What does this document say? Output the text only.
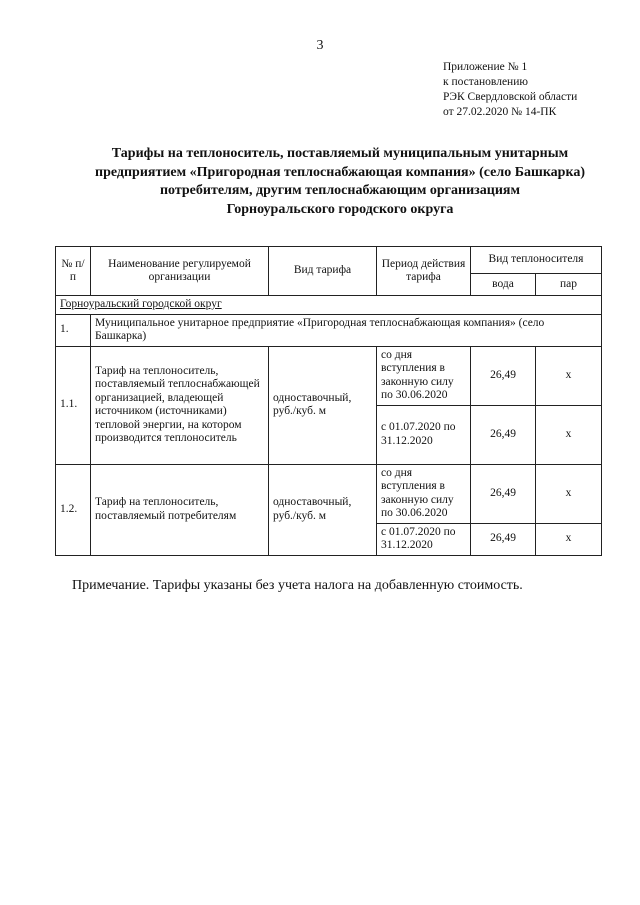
3
Приложение № 1
к постановлению
РЭК Свердловской области
от 27.02.2020 № 14-ПК
Тарифы на теплоноситель, поставляемый муниципальным унитарным
предприятием «Пригородная теплоснабжающая компания» (село Башкарка)
потребителям, другим теплоснабжающим организациям
Горноуральского городского округа
№ п/п	Наименование регулируемой организации	Вид тарифа	Период действия тарифа	Вид теплоносителя	
				вода	пар
Горноуральский городской округ					
1.	Муниципальное унитарное предприятие «Пригородная теплоснабжающая компания» (село Башкарка)				
1.1.	Тариф на теплоноситель, поставляемый теплоснабжающей организацией, владеющей источником (источниками) тепловой энергии, на котором производится теплоноситель	одноставочный, руб./куб. м	со дня вступления в законную силу по 30.06.2020	26,49	x
			с 01.07.2020 по 31.12.2020	26,49	x
1.2.	Тариф на теплоноситель, поставляемый потребителям	одноставочный, руб./куб. м	со дня вступления в законную силу по 30.06.2020	26,49	x
			с 01.07.2020 по 31.12.2020	26,49	x
Примечание. Тарифы указаны без учета налога на добавленную стоимость.
